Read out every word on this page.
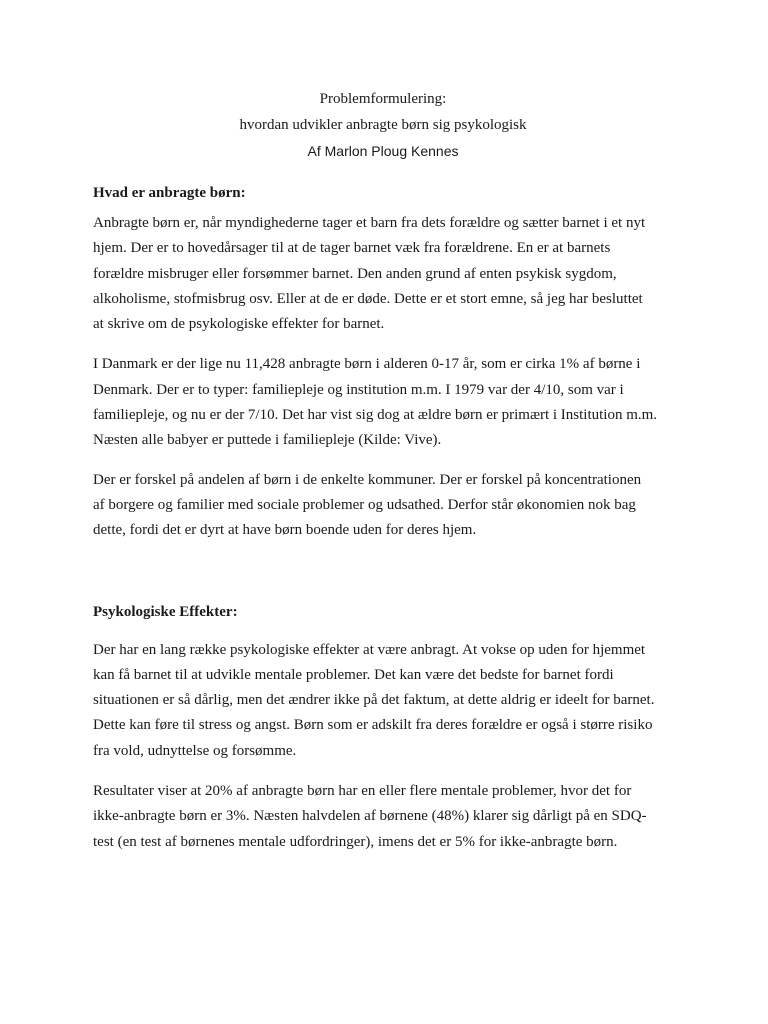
Problemformulering:

hvordan udvikler anbragte børn sig psykologisk

Af Marlon Ploug Kennes

Hvad er anbragte børn:

Anbragte børn er, når myndighederne tager et barn fra dets forældre og sætter barnet i et nyt
hjem. Der er to hovedårsager til at de tager barnet væk fra forældrene. En er at barnets
forældre misbruger eller forsømmer barnet. Den anden grund af enten psykisk sygdom,
alkoholisme, stofmisbrug osv. Eller at de er døde. Dette er et stort emne, så jeg har besluttet
at skrive om de psykologiske effekter for barnet.

I Danmark er der lige nu 11,428 anbragte børn i alderen 0-17 år, som er cirka 1% af børne i
Denmark. Der er to typer: familiepleje og institution m.m. I 1979 var der 4/10, som var i
familiepleje, og nu er der 7/10. Det har vist sig dog at ældre børn er primært i Institution m.m.
Næsten alle babyer er puttede i familiepleje (Kilde: Vive).

Der er forskel på andelen af børn i de enkelte kommuner. Der er forskel på koncentrationen
af borgere og familier med sociale problemer og udsathed. Derfor står økonomien nok bag
dette, fordi det er dyrt at have børn boende uden for deres hjem.

Psykologiske Effekter:

Der har en lang række psykologiske effekter at være anbragt. At vokse op uden for hjemmet
kan få barnet til at udvikle mentale problemer. Det kan være det bedste for barnet fordi
situationen er så dårlig, men det ændrer ikke på det faktum, at dette aldrig er ideelt for barnet.
Dette kan føre til stress og angst. Børn som er adskilt fra deres forældre er også i større risiko
fra vold, udnyttelse og forsømme.

Resultater viser at 20% af anbragte børn har en eller flere mentale problemer, hvor det for
ikke-anbragte børn er 3%. Næsten halvdelen af børnene (48%) klarer sig dårligt på en SDQ-
test (en test af børnenes mentale udfordringer), imens det er 5% for ikke-anbragte børn.
